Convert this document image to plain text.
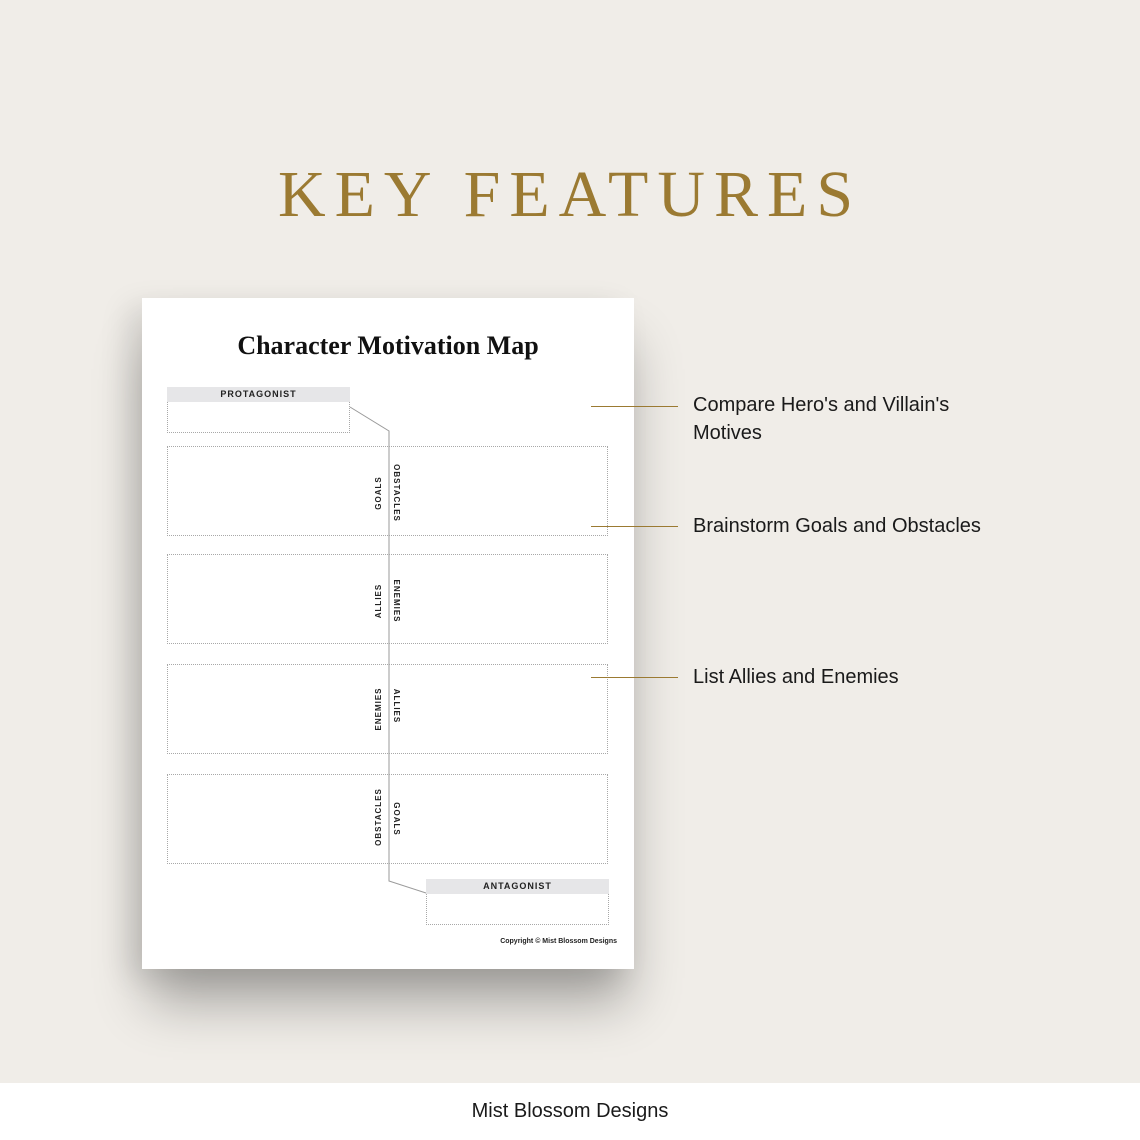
KEY FEATURES
Character Motivation Map
PROTAGONIST
GOALS OBSTACLES
ALLIES ENEMIES
ENEMIES ALLIES
OBSTACLES GOALS
ANTAGONIST

Copyright © Mist Blossom Designs

Compare Hero's and Villain's Motives

Brainstorm Goals and Obstacles

List Allies and Enemies

Mist Blossom Designs
